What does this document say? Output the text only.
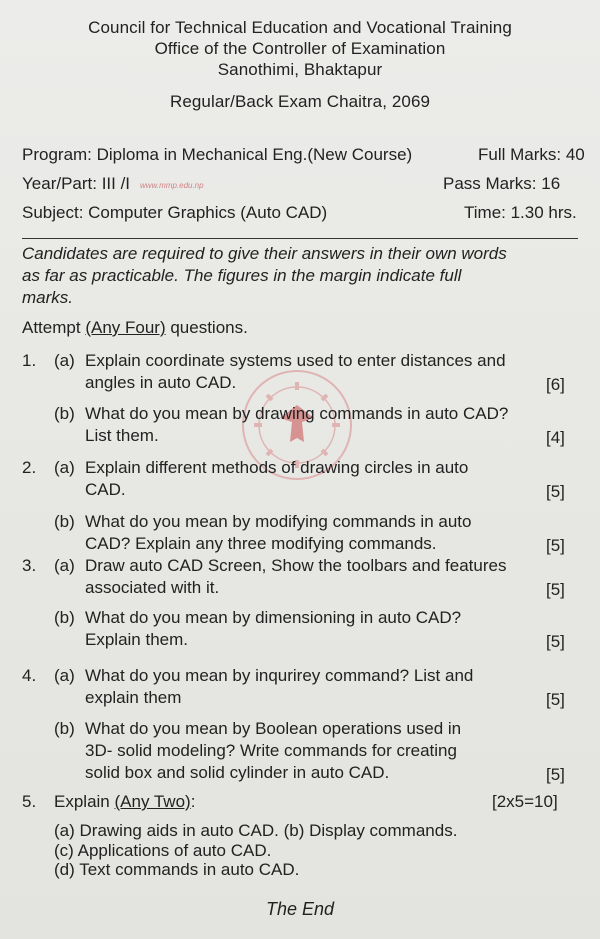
Council for Technical Education and Vocational Training
Office of the Controller of Examination
Sanothimi, Bhaktapur
Regular/Back Exam Chaitra, 2069
Program: Diploma in Mechanical Eng.(New Course)	Full Marks: 40
Year/Part: III /I www.mmp.edu.np	Pass Marks: 16
Subject: Computer Graphics (Auto CAD)	Time: 1.30 hrs.
Candidates are required to give their answers in their own words
as far as practicable. The figures in the margin indicate full
marks.
Attempt (Any Four) questions.
1. (a) Explain coordinate systems used to enter distances and
angles in auto CAD.	[6]
(b) What do you mean by drawing commands in auto CAD?
List them.	[4]
2. (a) Explain different methods of drawing circles in auto
CAD.	[5]
(b) What do you mean by modifying commands in auto
CAD? Explain any three modifying commands.	[5]
3. (a) Draw auto CAD Screen, Show the toolbars and features
associated with it.	[5]
(b) What do you mean by dimensioning in auto CAD?
Explain them.	[5]
4. (a) What do you mean by inqurirey command? List and
explain them	[5]
(b) What do you mean by Boolean operations used in
3D- solid modeling? Write commands for creating
solid box and solid cylinder in auto CAD.	[5]
5. Explain (Any Two):	[2x5=10]
(a) Drawing aids in auto CAD. (b) Display commands.
(c) Applications of auto CAD.
(d) Text commands in auto CAD.
The End
